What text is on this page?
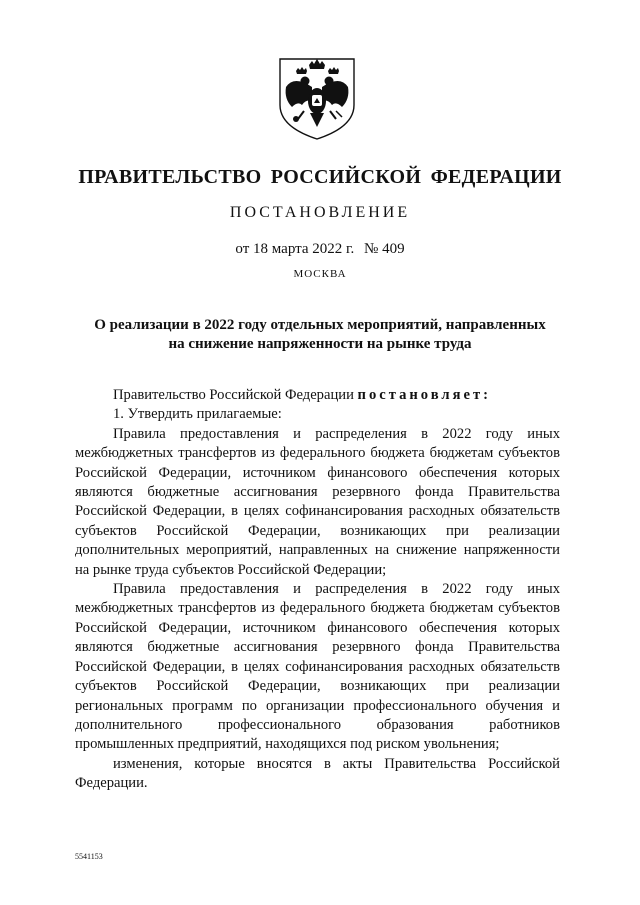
ПРАВИТЕЛЬСТВО РОССИЙСКОЙ ФЕДЕРАЦИИ
ПОСТАНОВЛЕНИЕ
от 18 марта 2022 г. № 409
МОСКВА
О реализации в 2022 году отдельных мероприятий, направленных
на снижение напряженности на рынке труда

Правительство Российской Федерации постановляет:

1. Утвердить прилагаемые:

Правила предоставления и распределения в 2022 году иных межбюджетных трансфертов из федерального бюджета бюджетам субъектов Российской Федерации, источником финансового обеспечения которых являются бюджетные ассигнования резервного фонда Правительства Российской Федерации, в целях софинансирования расходных обязательств субъектов Российской Федерации, возникающих при реализации дополнительных мероприятий, направленных на снижение напряженности на рынке труда субъектов Российской Федерации;

Правила предоставления и распределения в 2022 году иных межбюджетных трансфертов из федерального бюджета бюджетам субъектов Российской Федерации, источником финансового обеспечения которых являются бюджетные ассигнования резервного фонда Правительства Российской Федерации, в целях софинансирования расходных обязательств субъектов Российской Федерации, возникающих при реализации региональных программ по организации профессионального обучения и дополнительного профессионального образования работников промышленных предприятий, находящихся под риском увольнения;

изменения, которые вносятся в акты Правительства Российской Федерации.

5541153
